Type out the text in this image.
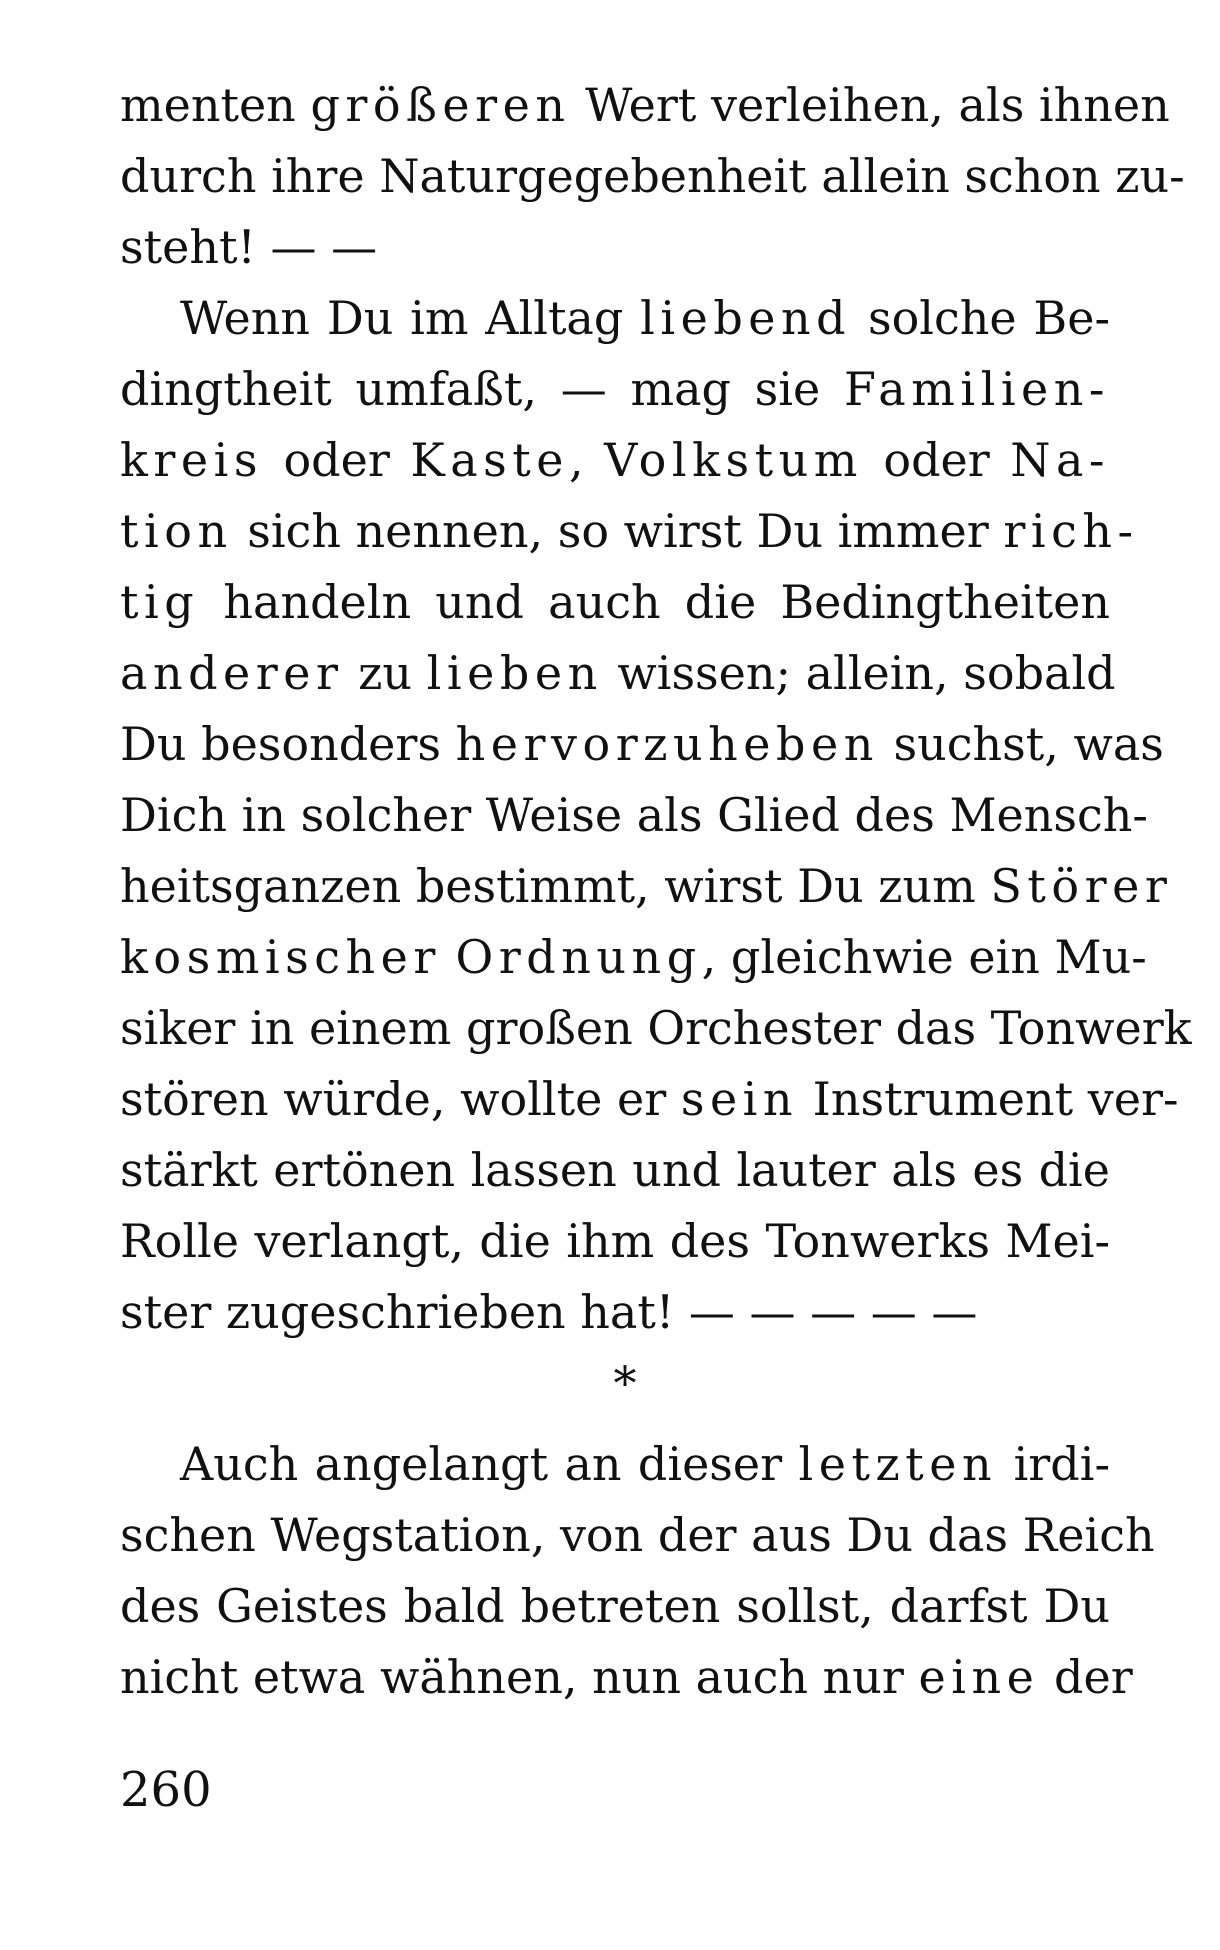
menten größeren Wert verleihen, als ihnen
durch ihre Naturgegebenheit allein schon zu-
steht! — —
Wenn Du im Alltag liebend solche Be-
dingtheit umfaßt, — mag sie Familien-
kreis oder Kaste, Volkstum oder Na-
tion sich nennen, so wirst Du immer rich-
tig handeln und auch die Bedingtheiten
anderer zu lieben wissen; allein, sobald
Du besonders hervorzuheben suchst, was
Dich in solcher Weise als Glied des Mensch-
heitsganzen bestimmt, wirst Du zum Störer
kosmischer Ordnung, gleichwie ein Mu-
siker in einem großen Orchester das Tonwerk
stören würde, wollte er sein Instrument ver-
stärkt ertönen lassen und lauter als es die
Rolle verlangt, die ihm des Tonwerks Mei-
ster zugeschrieben hat! — — — — —
*
Auch angelangt an dieser letzten irdi-
schen Wegstation, von der aus Du das Reich
des Geistes bald betreten sollst, darfst Du
nicht etwa wähnen, nun auch nur eine der
260
